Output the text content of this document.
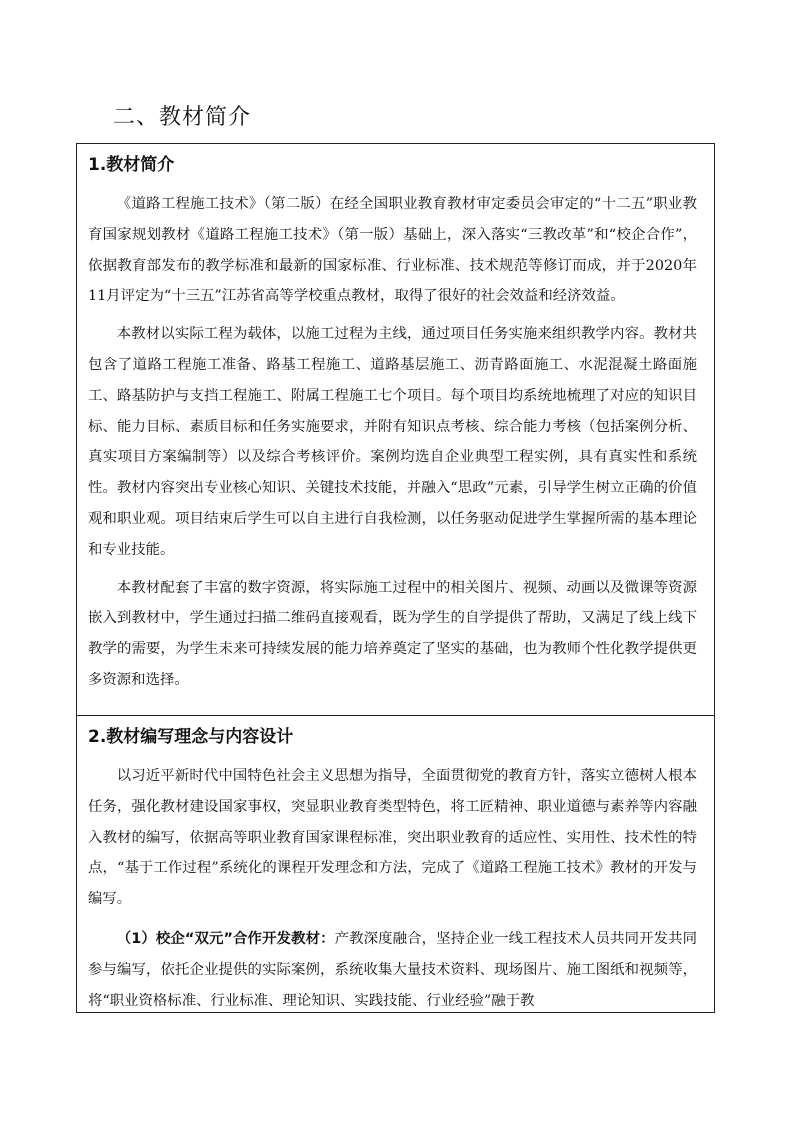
二、教材简介
1.教材简介

《道路工程施工技术》（第二版）在经全国职业教育教材审定委员会审定的“十二五”职业教育国家规划教材《道路工程施工技术》（第一版）基础上，深入落实“三教改革”和“校企合作”，依据教育部发布的教学标准和最新的国家标准、行业标准、技术规范等修订而成，并于2020年11月评定为“十三五”江苏省高等学校重点教材，取得了很好的社会效益和经济效益。

本教材以实际工程为载体，以施工过程为主线，通过项目任务实施来组织教学内容。教材共包含了道路工程施工准备、路基工程施工、道路基层施工、沥青路面施工、水泥混凝土路面施工、路基防护与支挡工程施工、附属工程施工七个项目。每个项目均系统地梳理了对应的知识目标、能力目标、素质目标和任务实施要求，并附有知识点考核、综合能力考核（包括案例分析、真实项目方案编制等）以及综合考核评价。案例均选自企业典型工程实例，具有真实性和系统性。教材内容突出专业核心知识、关键技术技能，并融入“思政”元素，引导学生树立正确的价值观和职业观。项目结束后学生可以自主进行自我检测，以任务驱动促进学生掌握所需的基本理论和专业技能。

本教材配套了丰富的数字资源，将实际施工过程中的相关图片、视频、动画以及微课等资源嵌入到教材中，学生通过扫描二维码直接观看，既为学生的自学提供了帮助，又满足了线上线下教学的需要，为学生未来可持续发展的能力培养奠定了坚实的基础，也为教师个性化教学提供更多资源和选择。

2.教材编写理念与内容设计

以习近平新时代中国特色社会主义思想为指导，全面贯彻党的教育方针，落实立德树人根本任务，强化教材建设国家事权，突显职业教育类型特色，将工匠精神、职业道德与素养等内容融入教材的编写，依据高等职业教育国家课程标准，突出职业教育的适应性、实用性、技术性的特点，“基于工作过程”系统化的课程开发理念和方法，完成了《道路工程施工技术》教材的开发与编写。

（1）校企“双元”合作开发教材：产教深度融合，坚持企业一线工程技术人员共同开发共同参与编写，依托企业提供的实际案例，系统收集大量技术资料、现场图片、施工图纸和视频等，将“职业资格标准、行业标准、理论知识、实践技能、行业经验”融于教
